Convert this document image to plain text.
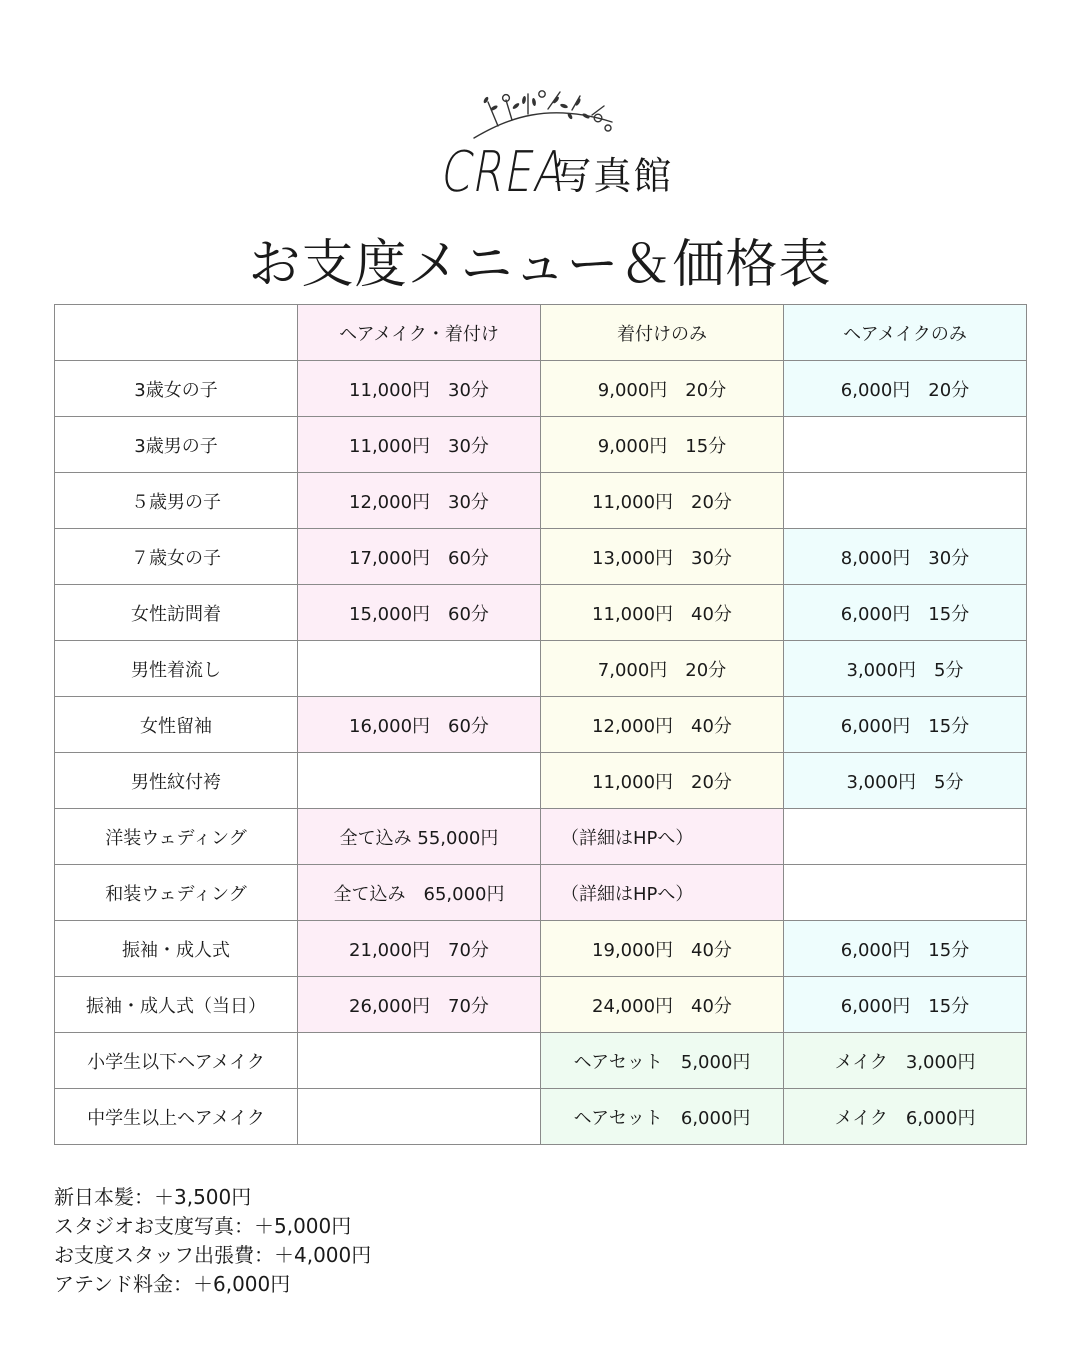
CREA 写真館
お支度メニュー＆価格表
	ヘアメイク・着付け	着付けのみ	ヘアメイクのみ
3歳女の子	11,000円　30分	9,000円　20分	6,000円　20分
3歳男の子	11,000円　30分	9,000円　15分	
５歳男の子	12,000円　30分	11,000円　20分	
７歳女の子	17,000円　60分	13,000円　30分	8,000円　30分
女性訪問着	15,000円　60分	11,000円　40分	6,000円　15分
男性着流し		7,000円　20分	3,000円　5分
女性留袖	16,000円　60分	12,000円　40分	6,000円　15分
男性紋付袴		11,000円　20分	3,000円　5分
洋装ウェディング	全て込み 55,000円	（詳細はHPへ）	
和装ウェディング	全て込み　65,000円	（詳細はHPへ）	
振袖・成人式	21,000円　70分	19,000円　40分	6,000円　15分
振袖・成人式（当日）	26,000円　70分	24,000円　40分	6,000円　15分
小学生以下ヘアメイク		ヘアセット　5,000円	メイク　3,000円
中学生以上ヘアメイク		ヘアセット　6,000円	メイク　6,000円
新日本髪：＋3,500円
スタジオお支度写真：＋5,000円
お支度スタッフ出張費：＋4,000円
アテンド料金：＋6,000円
